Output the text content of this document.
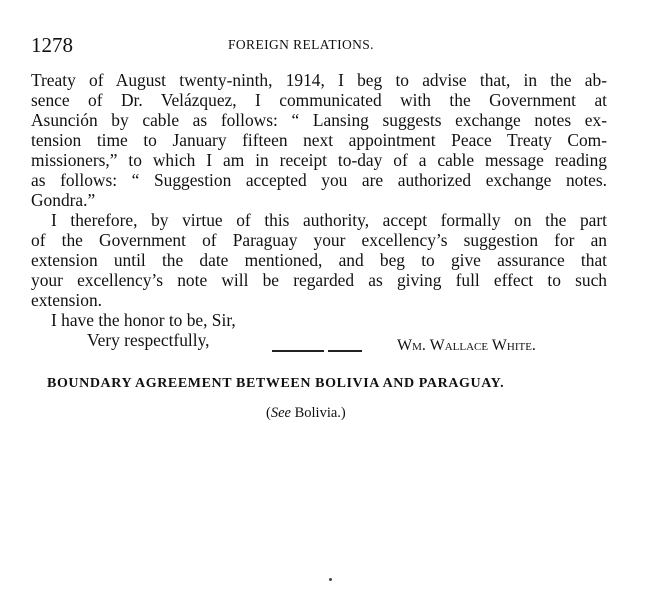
1278	FOREIGN RELATIONS.
Treaty of August twenty-ninth, 1914, I beg to advise that, in the ab-
sence of Dr. Velázquez, I communicated with the Government at
Asunción by cable as follows: “ Lansing suggests exchange notes ex-
tension time to January fifteen next appointment Peace Treaty Com-
missioners,” to which I am in receipt to-day of a cable message reading
as follows: “ Suggestion accepted you are authorized exchange notes.
Gondra.”
I therefore, by virtue of this authority, accept formally on the part
of the Government of Paraguay your excellency’s suggestion for an
extension until the date mentioned, and beg to give assurance that
your excellency’s note will be regarded as giving full effect to such
extension.
I have the honor to be, Sir,
Very respectfully,	Wm. Wallace White.
BOUNDARY AGREEMENT BETWEEN BOLIVIA AND PARAGUAY.
(See Bolivia.)
